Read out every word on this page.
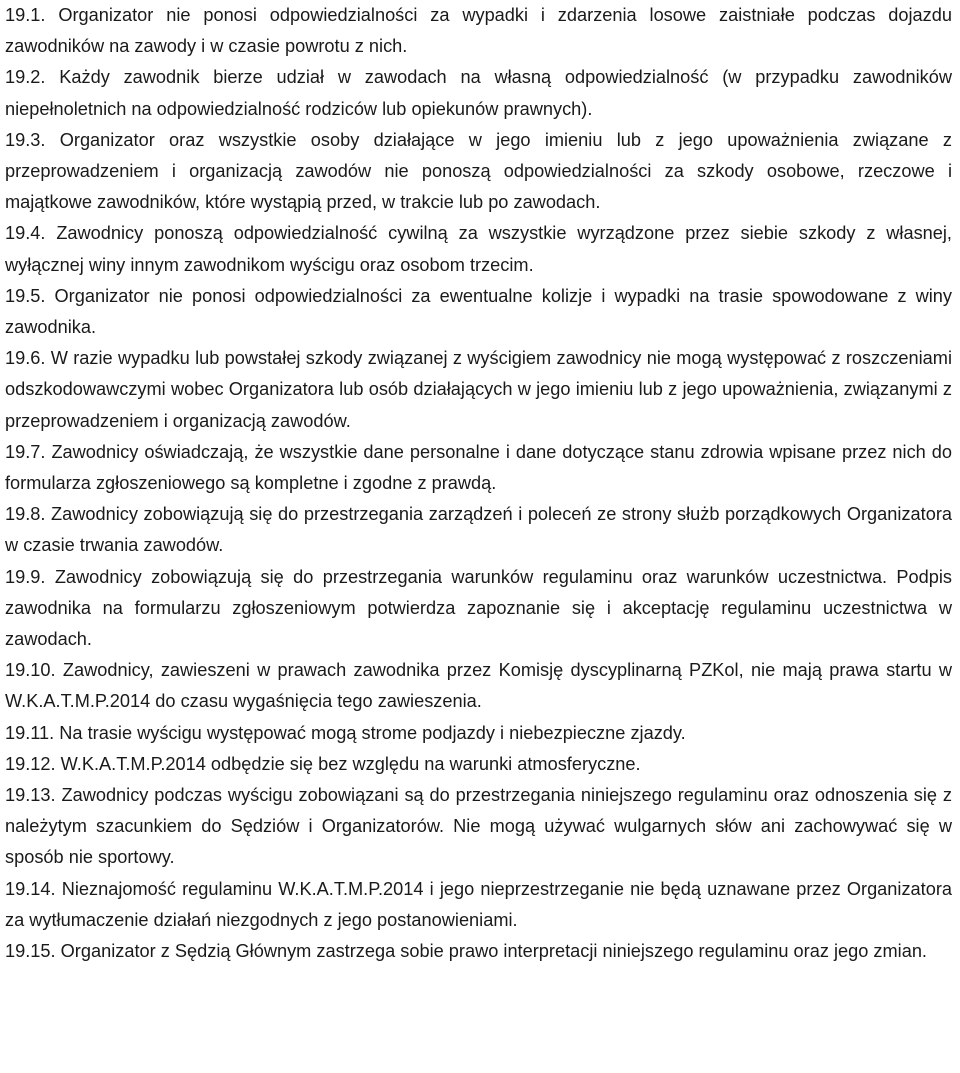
19.1. Organizator nie ponosi odpowiedzialności za wypadki i zdarzenia losowe zaistniałe podczas dojazdu zawodników na zawody i w czasie powrotu z nich.

19.2. Każdy zawodnik bierze udział w zawodach na własną odpowiedzialność (w przypadku zawodników niepełnoletnich na odpowiedzialność rodziców lub opiekunów prawnych).

19.3. Organizator oraz wszystkie osoby działające w jego imieniu lub z jego upoważnienia związane z przeprowadzeniem i organizacją zawodów nie ponoszą odpowiedzialności za szkody osobowe, rzeczowe i majątkowe zawodników, które wystąpią przed, w trakcie lub po zawodach.

19.4. Zawodnicy ponoszą odpowiedzialność cywilną za wszystkie wyrządzone przez siebie szkody z własnej, wyłącznej winy innym zawodnikom wyścigu oraz osobom trzecim.

19.5. Organizator nie ponosi odpowiedzialności za ewentualne kolizje i wypadki na trasie spowodowane z winy zawodnika.

19.6. W razie wypadku lub powstałej szkody związanej z wyścigiem zawodnicy nie mogą występować z roszczeniami odszkodowawczymi wobec Organizatora lub osób działających w jego imieniu lub z jego upoważnienia, związanymi z przeprowadzeniem i organizacją zawodów.

19.7. Zawodnicy oświadczają, że wszystkie dane personalne i dane dotyczące stanu zdrowia wpisane przez nich do formularza zgłoszeniowego są kompletne i zgodne z prawdą.

19.8. Zawodnicy zobowiązują się do przestrzegania zarządzeń i poleceń ze strony służb porządkowych Organizatora w czasie trwania zawodów.

19.9. Zawodnicy zobowiązują się do przestrzegania warunków regulaminu oraz warunków uczestnictwa. Podpis zawodnika na formularzu zgłoszeniowym potwierdza zapoznanie się i akceptację regulaminu uczestnictwa w zawodach.

19.10. Zawodnicy, zawieszeni w prawach zawodnika przez Komisję dyscyplinarną PZKol, nie mają prawa startu w W.K.A.T.M.P.2014 do czasu wygaśnięcia tego zawieszenia.

19.11. Na trasie wyścigu występować mogą strome podjazdy i niebezpieczne zjazdy.

19.12. W.K.A.T.M.P.2014 odbędzie się bez względu na warunki atmosferyczne.

19.13. Zawodnicy podczas wyścigu zobowiązani są do przestrzegania niniejszego regulaminu oraz odnoszenia się z należytym szacunkiem do Sędziów i Organizatorów. Nie mogą używać wulgarnych słów ani zachowywać się w sposób nie sportowy.

19.14. Nieznajomość regulaminu W.K.A.T.M.P.2014 i jego nieprzestrzeganie nie będą uznawane przez Organizatora za wytłumaczenie działań niezgodnych z jego postanowieniami.

19.15. Organizator z Sędzią Głównym zastrzega sobie prawo interpretacji niniejszego regulaminu oraz jego zmian.
